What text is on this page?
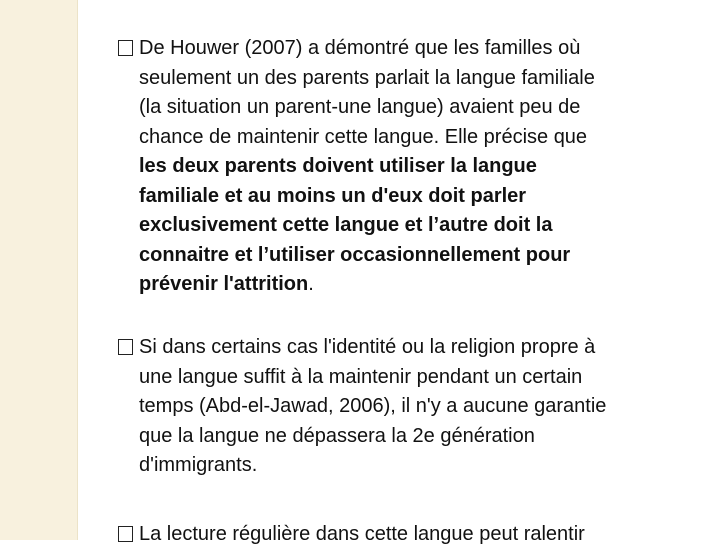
De Houwer (2007) a démontré que les familles où
seulement un des parents parlait la langue familiale
(la situation un parent-une langue) avaient peu de
chance de maintenir cette langue. Elle précise que
les deux parents doivent utiliser la langue
familiale et au moins un d'eux doit parler
exclusivement cette langue et l’autre doit la
connaitre et l’utiliser occasionnellement pour
prévenir l'attrition.
Si dans certains cas l'identité ou la religion propre à
une langue suffit à la maintenir pendant un certain
temps (Abd-el-Jawad, 2006), il n'y a aucune garantie
que la langue ne dépassera la 2e génération
d'immigrants.
La lecture régulière dans cette langue peut ralentir
